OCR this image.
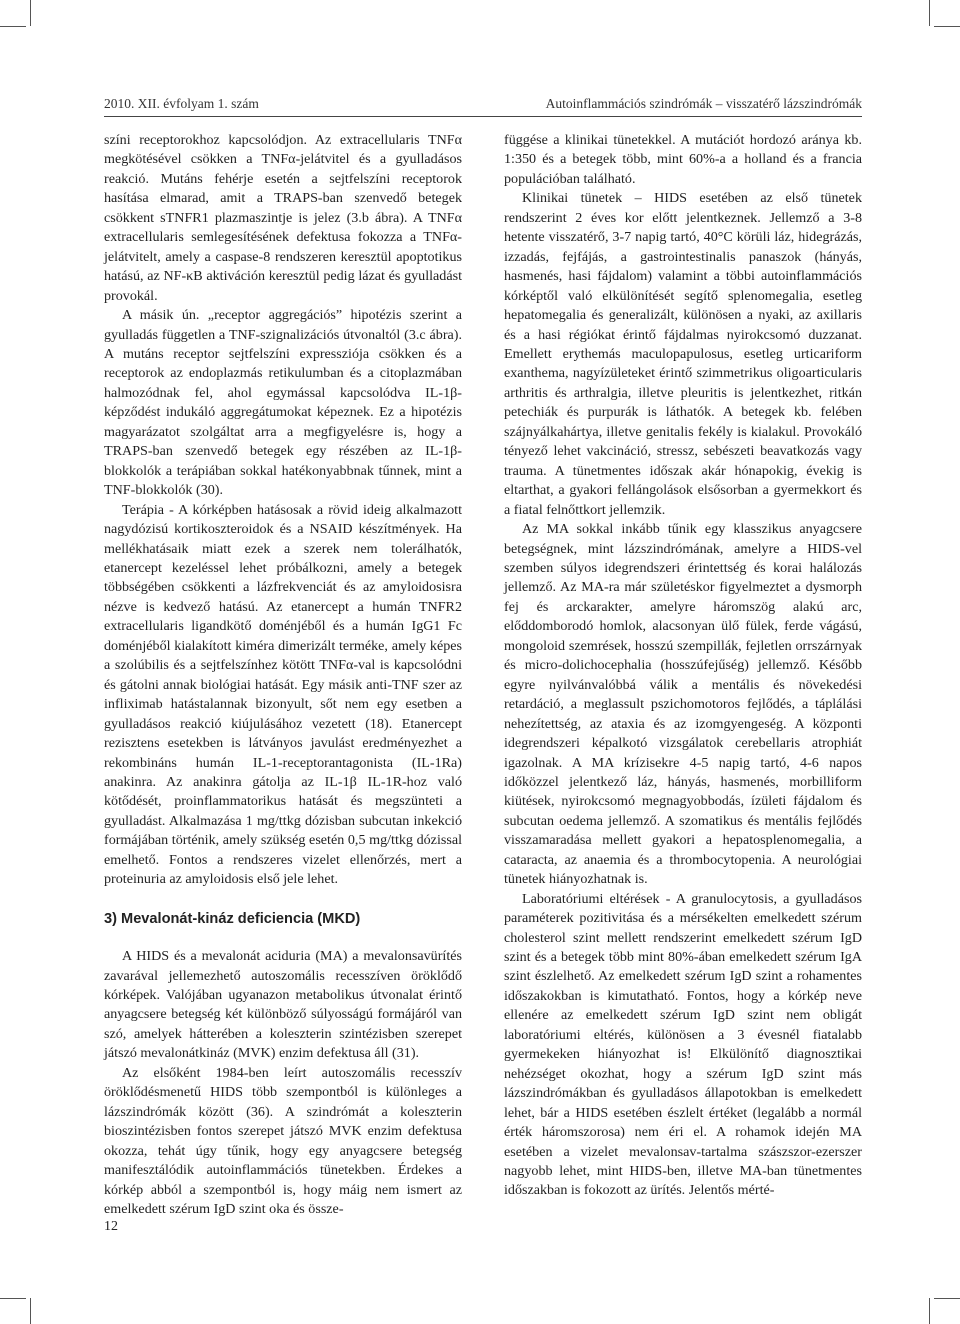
2010. XII. évfolyam 1. szám	Autoinflammációs szindrómák – visszatérő lázszindrómák

színi receptorokhoz kapcsolódjon. Az extracellularis TNFα megkötésével csökken a TNFα-jelátvitel és a gyulladásos reakció. Mutáns fehérje esetén a sejtfelszíni receptorok hasítása elmarad, amit a TRAPS-ban szenvedő betegek csökkent sTNFR1 plazmaszintje is jelez (3.b ábra). A TNFα extracellularis semlegesítésének defektusa fokozza a TNFα-jelátvitelt, amely a caspase-8 rendszeren keresztül apoptotikus hatású, az NF-κB aktiváción keresztül pedig lázat és gyulladást provokál.

A másik ún. „receptor aggregációs” hipotézis szerint a gyulladás független a TNF-szignalizációs útvonaltól (3.c ábra). A mutáns receptor sejtfelszíni expressziója csökken és a receptorok az endoplazmás retikulumban és a citoplazmában halmozódnak fel, ahol egymással kapcsolódva IL-1β-képződést indukáló aggregátumokat képeznek. Ez a hipotézis magyarázatot szolgáltat arra a megfigyelésre is, hogy a TRAPS-ban szenvedő betegek egy részében az IL-1β-blokkolók a terápiában sokkal hatékonyabbnak tűnnek, mint a TNF-blokkolók (30).

Terápia - A kórképben hatásosak a rövid ideig alkalmazott nagydózisú kortikoszteroidok és a NSAID készítmények. Ha mellékhatásaik miatt ezek a szerek nem tolerálhatók, etanercept kezeléssel lehet próbálkozni, amely a betegek többségében csökkenti a lázfrekvenciát és az amyloidosisra nézve is kedvező hatású. Az etanercept a humán TNFR2 extracellularis ligandkötő doménjéből és a humán IgG1 Fc doménjéből kialakított kiméra dimerizált terméke, amely képes a szolúbilis és a sejtfelszínhez kötött TNFα-val is kapcsolódni és gátolni annak biológiai hatását. Egy másik anti-TNF szer az infliximab hatástalannak bizonyult, sőt nem egy esetben a gyulladásos reakció kiújulásához vezetett (18). Etanercept rezisztens esetekben is látványos javulást eredményezhet a rekombináns humán IL-1-receptorantagonista (IL-1Ra) anakinra. Az anakinra gátolja az IL-1β IL-1R-hoz való kötődését, proinflammatorikus hatását és megszünteti a gyulladást. Alkalmazása 1 mg/ttkg dózisban subcutan inkekció formájában történik, amely szükség esetén 0,5 mg/ttkg dózissal emelhető. Fontos a rendszeres vizelet ellenőrzés, mert a proteinuria az amyloidosis első jele lehet.

3) Mevalonát-kináz deficiencia (MKD)

A HIDS és a mevalonát aciduria (MA) a mevalonsavürítés zavarával jellemezhető autoszomális recesszíven öröklődő kórképek. Valójában ugyanazon metabolikus útvonalat érintő anyagcsere betegség két különböző súlyosságú formájáról van szó, amelyek hátterében a koleszterin szintézisben szerepet játszó mevalonátkináz (MVK) enzim defektusa áll (31).

Az elsőként 1984-ben leírt autoszomális recesszív öröklődésmenetű HIDS több szempontból is különleges a lázszindrómák között (36). A szindrómát a koleszterin bioszintézisben fontos szerepet játszó MVK enzim defektusa okozza, tehát úgy tűnik, hogy egy anyagcsere betegség manifesztálódik autoinflammációs tünetekben. Érdekes a kórkép abból a szempontból is, hogy máig nem ismert az emelkedett szérum IgD szint oka és össze-

függése a klinikai tünetekkel. A mutációt hordozó aránya kb. 1:350 és a betegek több, mint 60%-a a holland és a francia populációban található.

Klinikai tünetek – HIDS esetében az első tünetek rendszerint 2 éves kor előtt jelentkeznek. Jellemző a 3-8 hetente visszatérő, 3-7 napig tartó, 40°C körüli láz, hidegrázás, izzadás, fejfájás, a gastrointestinalis panaszok (hányás, hasmenés, hasi fájdalom) valamint a többi autoinflammációs kórképtől való elkülönítését segítő splenomegalia, esetleg hepatomegalia és generalizált, különösen a nyaki, az axillaris és a hasi régiókat érintő fájdalmas nyirokcsomó duzzanat. Emellett erythemás maculopapulosus, esetleg urticariform exanthema, nagyízületeket érintő szimmetrikus oligoarticularis arthritis és arthralgia, illetve pleuritis is jelentkezhet, ritkán petechiák és purpurák is láthatók. A betegek kb. felében szájnyálkahártya, illetve genitalis fekély is kialakul. Provokáló tényező lehet vakcináció, stressz, sebészeti beavatkozás vagy trauma. A tünetmentes időszak akár hónapokig, évekig is eltarthat, a gyakori fellángolások elsősorban a gyermekkort és a fiatal felnőttkort jellemzik.

Az MA sokkal inkább tűnik egy klasszikus anyagcsere betegségnek, mint lázszindrómának, amelyre a HIDS-vel szemben súlyos idegrendszeri érintettség és korai halálozás jellemző. Az MA-ra már születéskor figyelmeztet a dysmorph fej és arckarakter, amelyre háromszög alakú arc, előddomborodó homlok, alacsonyan ülő fülek, ferde vágású, mongoloid szemrések, hosszú szempillák, fejletlen orrszárnyak és micro-dolichocephalia (hosszúfejűség) jellemző. Később egyre nyilvánvalóbbá válik a mentális és növekedési retardáció, a meglassult pszichomotoros fejlődés, a táplálási nehezítettség, az ataxia és az izomgyengeség. A központi idegrendszeri képalkotó vizsgálatok cerebellaris atrophiát igazolnak. A MA krízisekre 4-5 napig tartó, 4-6 napos időközzel jelentkező láz, hányás, hasmenés, morbilliform kiütések, nyirokcsomó megnagyobbodás, ízületi fájdalom és subcutan oedema jellemző. A szomatikus és mentális fejlődés visszamaradása mellett gyakori a hepatosplenomegalia, a cataracta, az anaemia és a thrombocytopenia. A neurológiai tünetek hiányozhatnak is.

Laboratóriumi eltérések - A granulocytosis, a gyulladásos paraméterek pozitivitása és a mérsékelten emelkedett szérum cholesterol szint mellett rendszerint emelkedett szérum IgD szint és a betegek több mint 80%-ában emelkedett szérum IgA szint észlelhető. Az emelkedett szérum IgD szint a rohamentes időszakokban is kimutatható. Fontos, hogy a kórkép neve ellenére az emelkedett szérum IgD szint nem obligát laboratóriumi eltérés, különösen a 3 évesnél fiatalabb gyermekeken hiányozhat is! Elkülönítő diagnosztikai nehézséget okozhat, hogy a szérum IgD szint más lázszindrómákban és gyulladásos állapotokban is emelkedett lehet, bár a HIDS esetében észlelt értéket (legalább a normál érték háromszorosa) nem éri el. A rohamok idején MA esetében a vizelet mevalonsav-tartalma szászszor-ezerszer nagyobb lehet, mint HIDS-ben, illetve MA-ban tünetmentes időszakban is fokozott az ürítés. Jelentős mérté-

12
